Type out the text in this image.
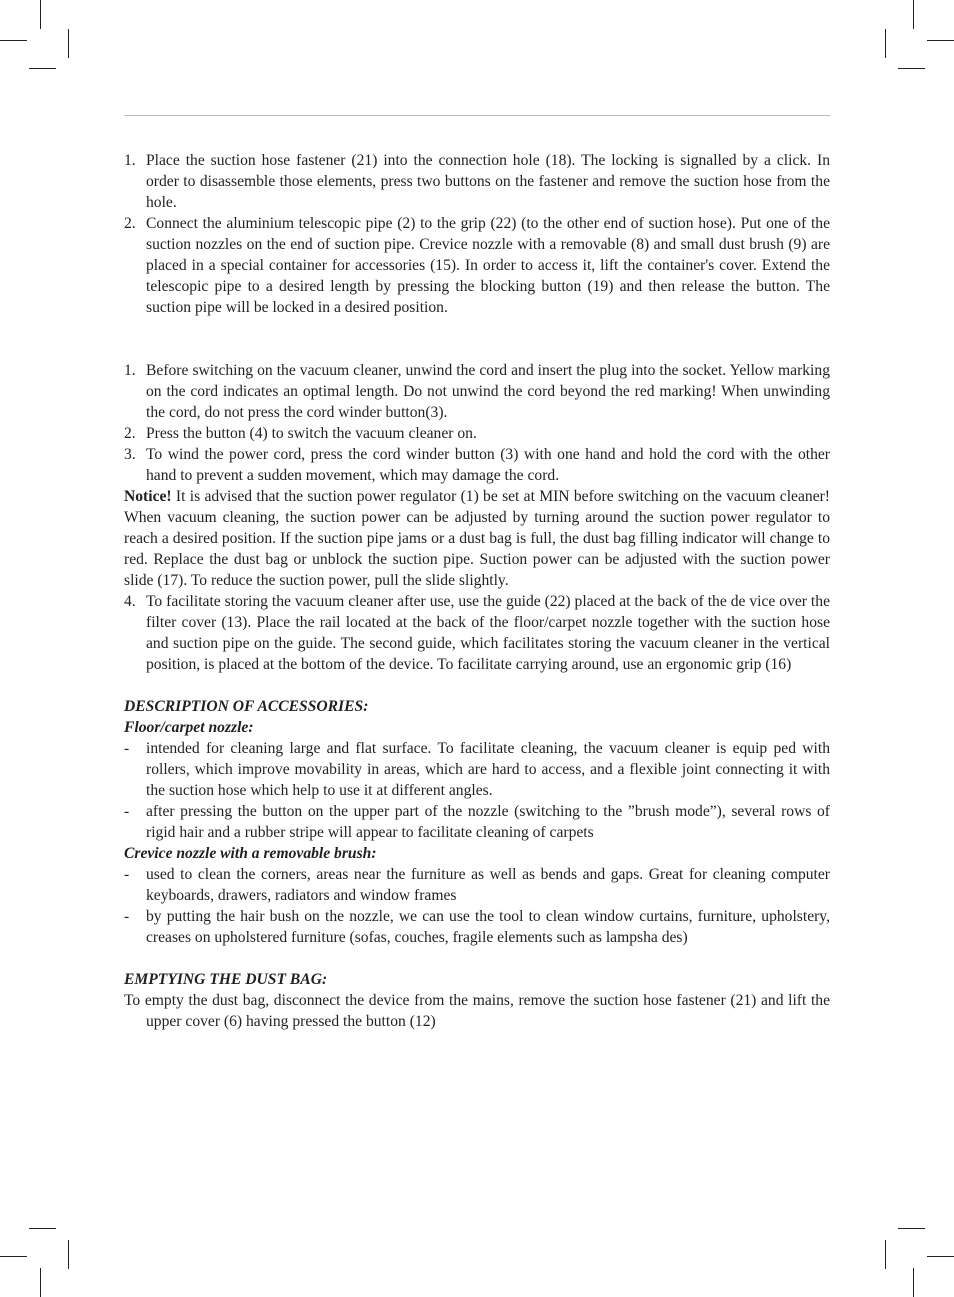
1. Place the suction hose fastener (21) into the connection hole (18). The locking is signalled by a click. In order to disassemble those elements, press two buttons on the fastener and remove the suction hose from the hole.
2. Connect the aluminium telescopic pipe (2) to the grip (22) (to the other end of suction hose). Put one of the suction nozzles on the end of suction pipe. Crevice nozzle with a removable (8) and small dust brush (9) are placed in a special container for accessories (15). In order to access it, lift the container's cover. Extend the telescopic pipe to a desired length by pressing the blocking button (19) and then release the button. The suction pipe will be locked in a desired position.
1. Before switching on the vacuum cleaner, unwind the cord and insert the plug into the socket. Yellow marking on the cord indicates an optimal length. Do not unwind the cord beyond the red marking! When unwinding the cord, do not press the cord winder button(3).
2. Press the button (4) to switch the vacuum cleaner on.
3. To wind the power cord, press the cord winder button (3) with one hand and hold the cord with the other hand to prevent a sudden movement, which may damage the cord.

Notice! It is advised that the suction power regulator (1) be set at MIN before switching on the vacuum cleaner! When vacuum cleaning, the suction power can be adjusted by turning around the suction power regulator to reach a desired position. If the suction pipe jams or a dust bag is full, the dust bag filling indicator will change to red. Replace the dust bag or unblock the suction pipe. Suction power can be adjusted with the suction power slide (17). To reduce the suction power, pull the slide slightly.

4. To facilitate storing the vacuum cleaner after use, use the guide (22) placed at the back of the de vice over the filter cover (13). Place the rail located at the back of the floor/carpet nozzle together with the suction hose and suction pipe on the guide. The second guide, which facilitates storing the vacuum cleaner in the vertical position, is placed at the bottom of the device. To facilitate carrying around, use an ergonomic grip (16)

DESCRIPTION OF ACCESSORIES:

Floor/carpet nozzle:

- intended for cleaning large and flat surface. To facilitate cleaning, the vacuum cleaner is equip ped with rollers, which improve movability in areas, which are hard to access, and a flexible joint connecting it with the suction hose which help to use it at different angles.
- after pressing the button on the upper part of the nozzle (switching to the ”brush mode”), several rows of rigid hair and a rubber stripe will appear to facilitate cleaning of carpets

Crevice nozzle with a removable brush:

- used to clean the corners, areas near the furniture as well as bends and gaps. Great for cleaning computer keyboards, drawers, radiators and window frames
- by putting the hair bush on the nozzle, we can use the tool to clean window curtains, furniture, upholstery, creases on upholstered furniture (sofas, couches, fragile elements such as lampsha des)

EMPTYING THE DUST BAG:

To empty the dust bag, disconnect the device from the mains, remove the suction hose fastener (21) and lift the upper cover (6) having pressed the button (12)
